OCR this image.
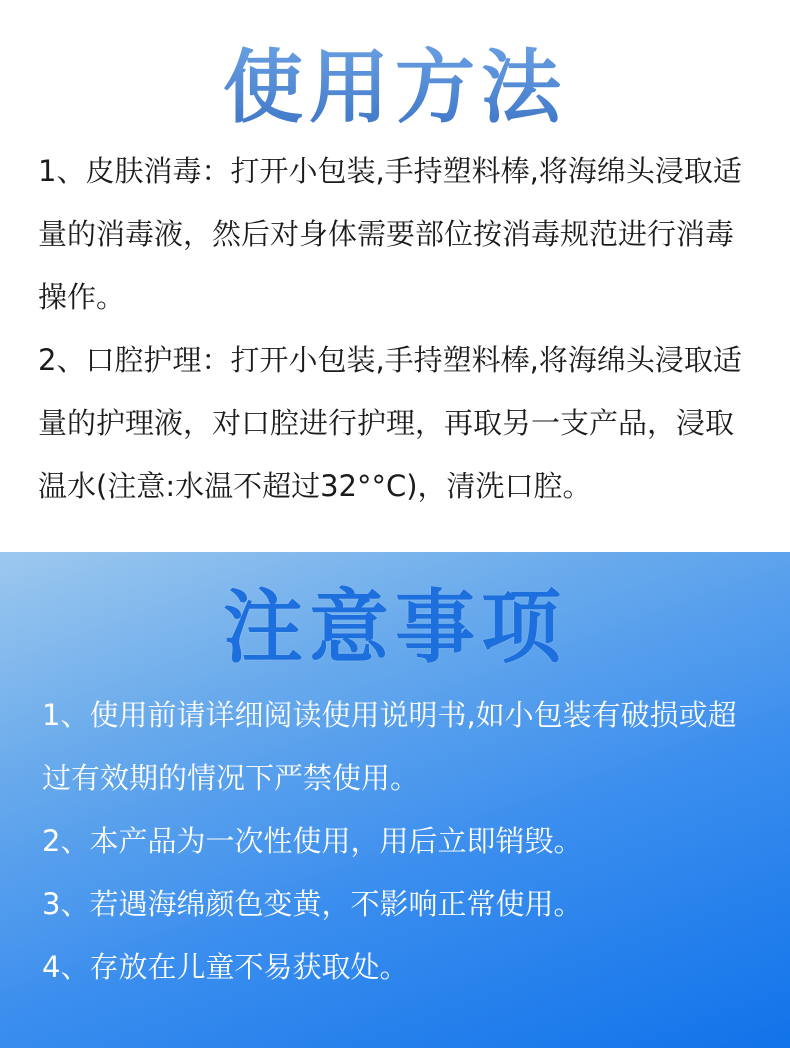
使用方法

1、皮肤消毒：打开小包装,手持塑料棒,将海绵头浸取适量的消毒液，然后对身体需要部位按消毒规范进行消毒操作。

2、口腔护理：打开小包装,手持塑料棒,将海绵头浸取适量的护理液，对口腔进行护理，再取另一支产品，浸取温水(注意:水温不超过32°°C)，清洗口腔。

注意事项

1、使用前请详细阅读使用说明书,如小包装有破损或超过有效期的情况下严禁使用。

2、本产品为一次性使用，用后立即销毁。

3、若遇海绵颜色变黄，不影响正常使用。

4、存放在儿童不易获取处。
